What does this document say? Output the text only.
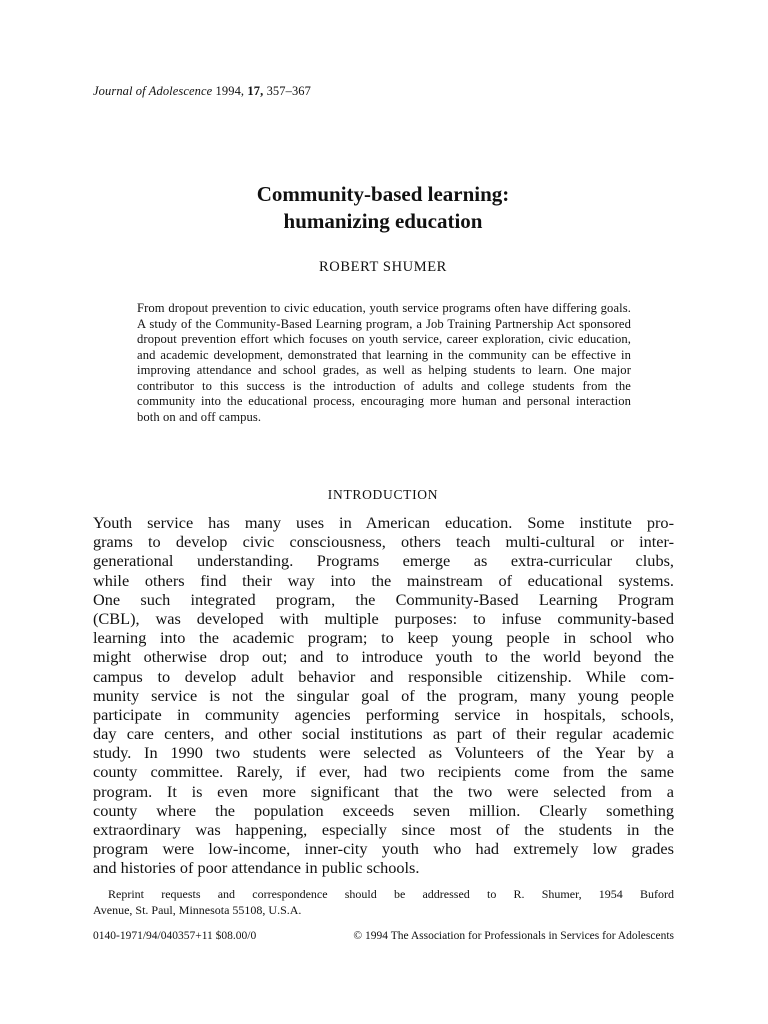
Journal of Adolescence 1994, 17, 357–367
Community-based learning:
humanizing education
ROBERT SHUMER
From dropout prevention to civic education, youth service programs often have differing goals. A study of the Community-Based Learning program, a Job Training Partnership Act sponsored dropout prevention effort which focuses on youth service, career exploration, civic education, and academic development, demonstrated that learning in the community can be effective in improving attendance and school grades, as well as helping students to learn. One major contributor to this success is the introduction of adults and college students from the community into the educational process, encouraging more human and personal interaction both on and off campus.
INTRODUCTION
Youth service has many uses in American education. Some institute pro-
grams to develop civic consciousness, others teach multi-cultural or inter-
generational understanding. Programs emerge as extra-curricular clubs,
while others find their way into the mainstream of educational systems.
One such integrated program, the Community-Based Learning Program
(CBL), was developed with multiple purposes: to infuse community-based
learning into the academic program; to keep young people in school who
might otherwise drop out; and to introduce youth to the world beyond the
campus to develop adult behavior and responsible citizenship. While com-
munity service is not the singular goal of the program, many young people
participate in community agencies performing service in hospitals, schools,
day care centers, and other social institutions as part of their regular academic
study. In 1990 two students were selected as Volunteers of the Year by a
county committee. Rarely, if ever, had two recipients come from the same
program. It is even more significant that the two were selected from a
county where the population exceeds seven million. Clearly something
extraordinary was happening, especially since most of the students in the
program were low-income, inner-city youth who had extremely low grades
and histories of poor attendance in public schools.
Reprint requests and correspondence should be addressed to R. Shumer, 1954 Buford
Avenue, St. Paul, Minnesota 55108, U.S.A.
0140-1971/94/040357+11 $08.00/0	© 1994 The Association for Professionals in Services for Adolescents
